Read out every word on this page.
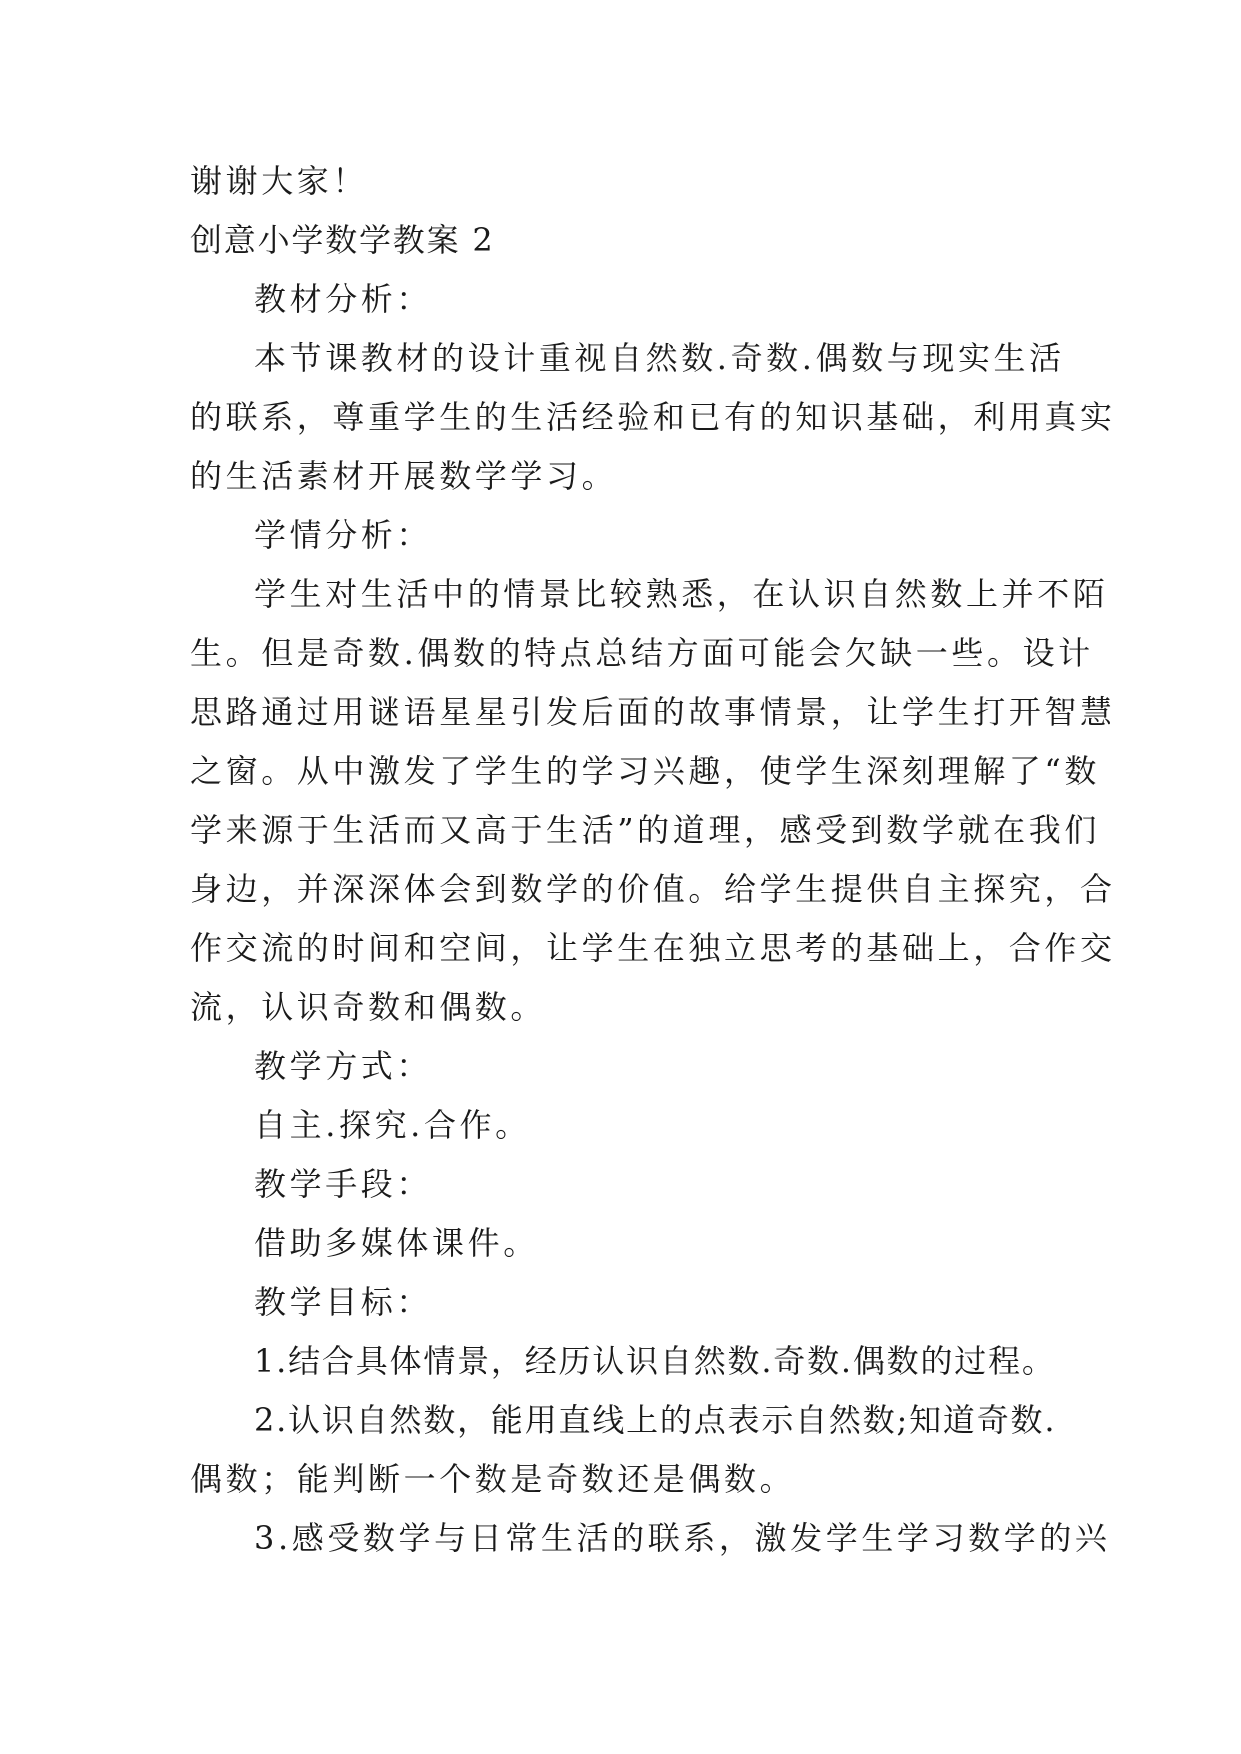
谢谢大家！
创意小学数学教案 2
教材分析：
本节课教材的设计重视自然数.奇数.偶数与现实生活
的联系，尊重学生的生活经验和已有的知识基础，利用真实
的生活素材开展数学学习。
学情分析：
学生对生活中的情景比较熟悉，在认识自然数上并不陌
生。但是奇数.偶数的特点总结方面可能会欠缺一些。设计
思路通过用谜语星星引发后面的故事情景，让学生打开智慧
之窗。从中激发了学生的学习兴趣，使学生深刻理解了“数
学来源于生活而又高于生活”的道理，感受到数学就在我们
身边，并深深体会到数学的价值。给学生提供自主探究，合
作交流的时间和空间，让学生在独立思考的基础上，合作交
流，认识奇数和偶数。
教学方式：
自主.探究.合作。
教学手段：
借助多媒体课件。
教学目标：
1.结合具体情景，经历认识自然数.奇数.偶数的过程。
2.认识自然数，能用直线上的点表示自然数;知道奇数.
偶数；能判断一个数是奇数还是偶数。
3.感受数学与日常生活的联系，激发学生学习数学的兴
